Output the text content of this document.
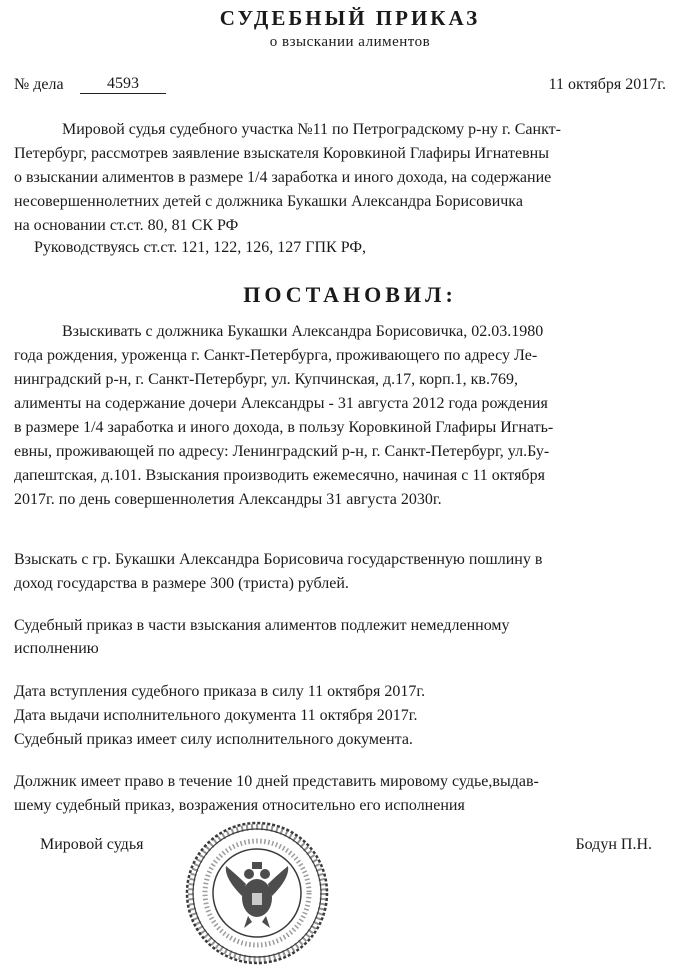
СУДЕБНЫЙ ПРИКАЗ
о взыскании алиментов
№ дела	4593	11 октября 2017г.
Мировой судья судебного участка №11 по Петроградскому р-ну г. Санкт-
Петербург, рассмотрев заявление взыскателя Коровкиной Глафиры Игнатевны
о взыскании алиментов в размере 1/4 заработка и иного дохода, на содержание
несовершеннолетних детей с должника Букашки Александра Борисовичка
на основании ст.ст. 80, 81 СК РФ
Руководствуясь ст.ст. 121, 122, 126, 127 ГПК РФ,
ПОСТАНОВИЛ:
Взыскивать с должника Букашки Александра Борисовичка, 02.03.1980
года рождения, уроженца г. Санкт-Петербурга, проживающего по адресу Ле-
нинградский р-н, г. Санкт-Петербург, ул. Купчинская, д.17, корп.1, кв.769,
алименты на содержание дочери Александры - 31 августа 2012 года рождения
в размере 1/4 заработка и иного дохода, в пользу Коровкиной Глафиры Игнать-
евны, проживающей по адресу: Ленинградский р-н, г. Санкт-Петербург, ул.Бу-
дапештская, д.101. Взыскания производить ежемесячно, начиная с 11 октября
2017г. по день совершеннолетия Александры 31 августа 2030г.
Взыскать с гр. Букашки Александра Борисовича государственную пошлину в
доход государства в размере 300 (триста) рублей.
Судебный приказ в части взыскания алиментов подлежит немедленному
исполнению
Дата вступления судебного приказа в силу 11 октября 2017г.
Дата выдачи исполнительного документа 11 октября 2017г.
Судебный приказ имеет силу исполнительного документа.
Должник имеет право в течение 10 дней представить мировому судье,выдав-
шему судебный приказ, возражения относительно его исполнения
Мировой судья	Бодун П.Н.
